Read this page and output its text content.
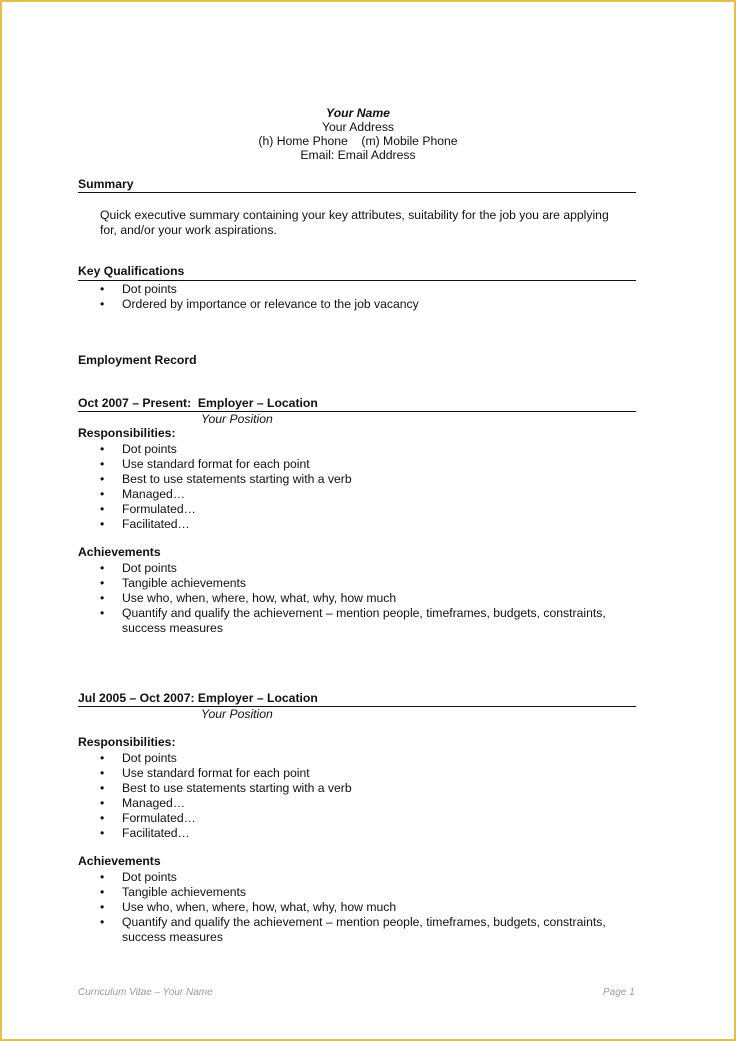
Your Name

Your Address

(h) Home Phone    (m) Mobile Phone

Email: Email Address

Summary

Quick executive summary containing your key attributes, suitability for the job you are applying for, and/or your work aspirations.

Key Qualifications

• Dot points
• Ordered by importance or relevance to the job vacancy

Employment Record

Oct 2007 – Present:  Employer – Location

Your Position

Responsibilities:

• Dot points
• Use standard format for each point
• Best to use statements starting with a verb
• Managed…
• Formulated…
• Facilitated…

Achievements

• Dot points
• Tangible achievements
• Use who, when, where, how, what, why, how much
• Quantify and qualify the achievement – mention people, timeframes, budgets, constraints, success measures

Jul 2005 – Oct 2007: Employer – Location

Your Position

Responsibilities:

• Dot points
• Use standard format for each point
• Best to use statements starting with a verb
• Managed…
• Formulated…
• Facilitated…

Achievements

• Dot points
• Tangible achievements
• Use who, when, where, how, what, why, how much
• Quantify and qualify the achievement – mention people, timeframes, budgets, constraints, success measures

Curriculum Vitae – Your Name	Page 1
